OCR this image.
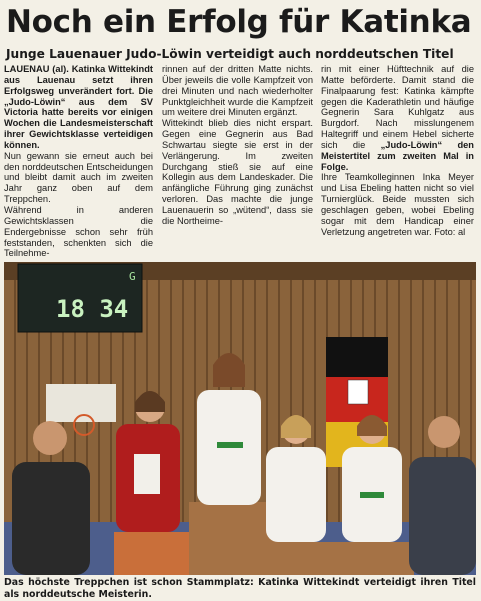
Noch ein Erfolg für Katinka
Junge Lauenauer Judo-Löwin verteidigt auch norddeutschen Titel

LAUENAU (al). Katinka Wittekindt aus Lauenau setzt ihren Erfolgsweg unverändert fort. Die „Judo-Löwin“ aus dem SV Victoria hatte bereits vor einigen Wochen die Landesmeisterschaft ihrer Gewichtsklasse verteidigen können.

Nun gewann sie erneut auch bei den norddeutschen Entscheidungen und bleibt damit auch im zweiten Jahr ganz oben auf dem Treppchen.

Während in anderen Gewichtsklassen die Endergebnisse schon sehr früh feststanden, schenkten sich die Teilnehme-

rinnen auf der dritten Matte nichts. Über jeweils die volle Kampfzeit von drei Minuten und nach wiederholter Punktgleichheit wurde die Kampfzeit um weitere drei Minuten ergänzt.

Wittekindt blieb dies nicht erspart. Gegen eine Gegnerin aus Bad Schwartau siegte sie erst in der Verlängerung. Im zweiten Durchgang stieß sie auf eine Kollegin aus dem Landeskader. Die anfängliche Führung ging zunächst verloren. Das machte die junge Lauenauerin so „wütend“, dass sie die Northeime-

rin mit einer Hüfttechnik auf die Matte beförderte. Damit stand die Finalpaarung fest: Katinka kämpfte gegen die Kaderathletin und häufige Gegnerin Sara Kuhlgatz aus Burgdorf. Nach misslungenem Haltegriff und einem Hebel sicherte sich die „Judo-Löwin“ den Meistertitel zum zweiten Mal in Folge.

Ihre Teamkolleginnen Inka Meyer und Lisa Ebeling hatten nicht so viel Turnierglück. Beide mussten sich geschlagen geben, wobei Ebeling sogar mit dem Handicap einer Verletzung angetreten war. Foto: al

G
18 34
Das höchste Treppchen ist schon Stammplatz: Katinka Wittekindt verteidigt ihren Titel als norddeutsche Meisterin.
